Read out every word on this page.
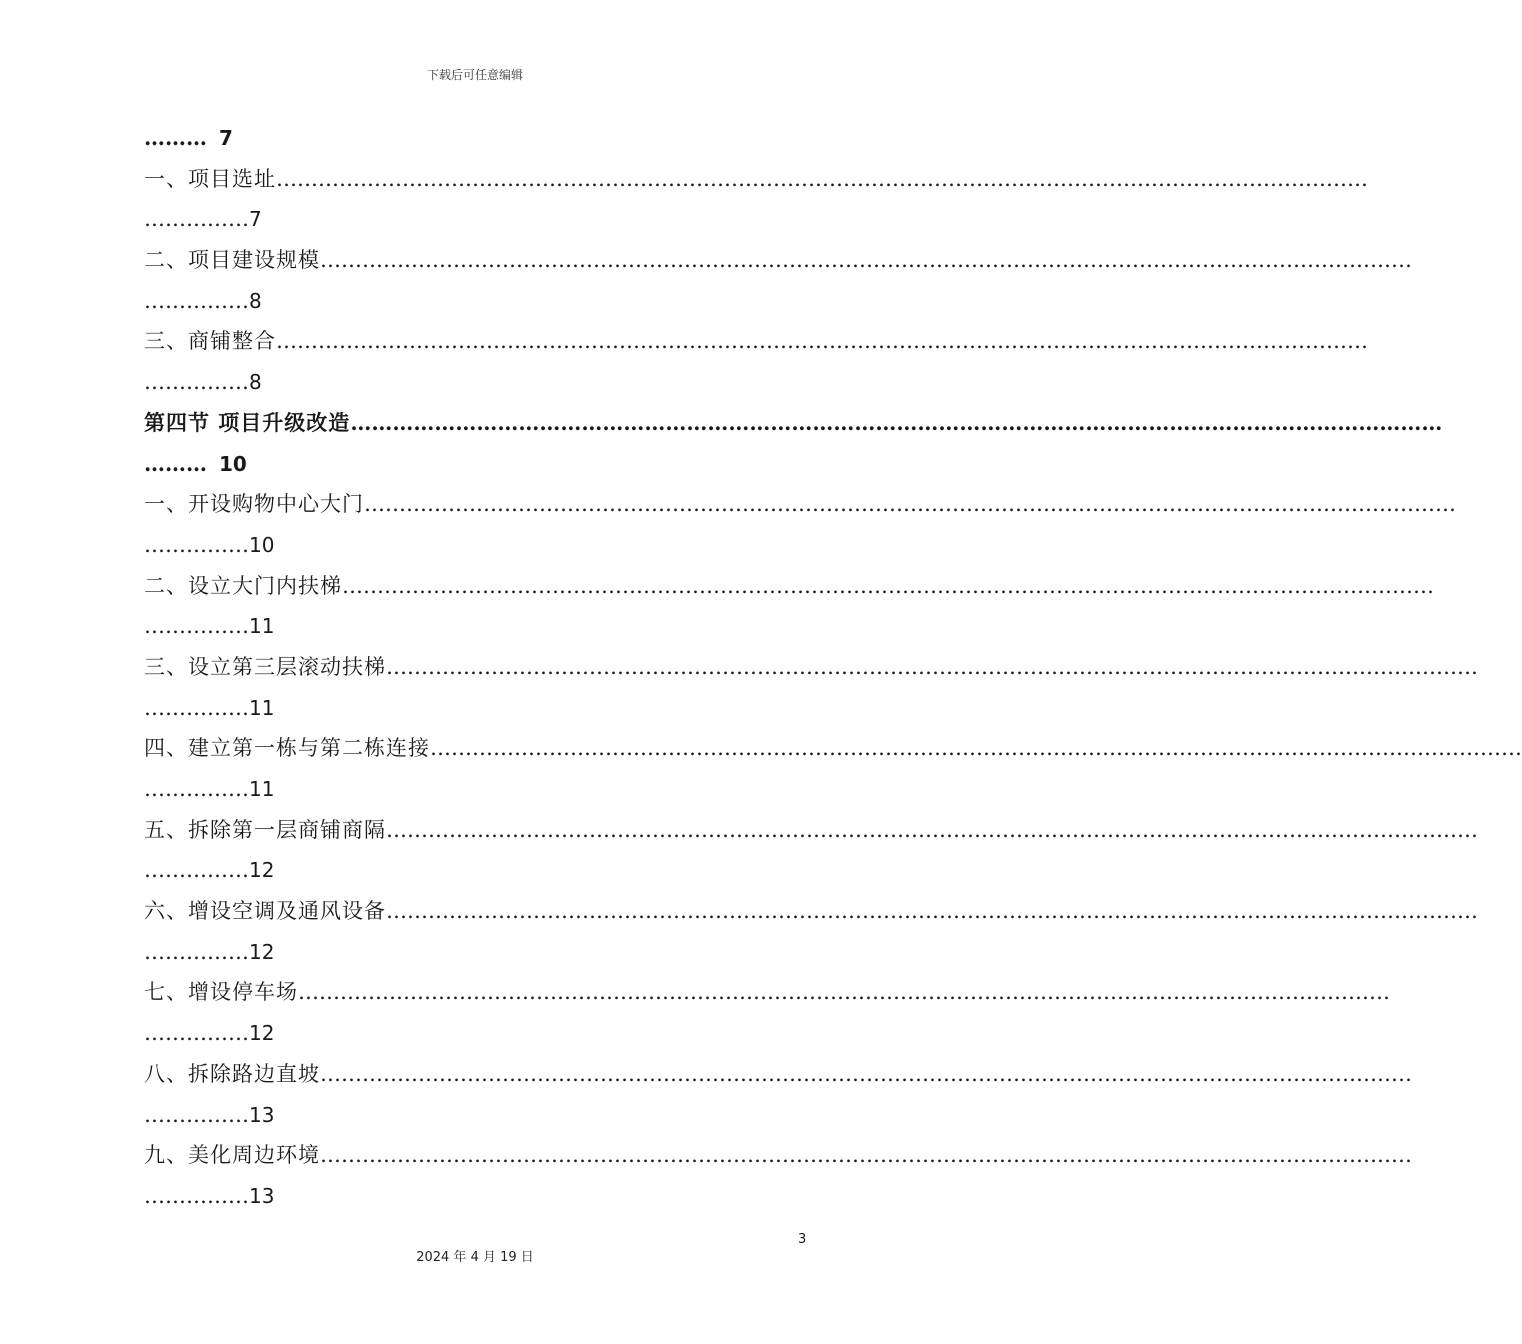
下载后可任意编辑
……… 7
一、项目选址 …………………………………………………………………………………………………………………………………………
…………… 7
二、项目建设规模 …………………………………………………………………………………………………………………………………………
…………… 8
三、商铺整合 …………………………………………………………………………………………………………………………………………
…………… 8
第四节 项目升级改造 …………………………………………………………………………………………………………………………………………
……… 10
一、开设购物中心大门 …………………………………………………………………………………………………………………………………………
…………… 10
二、设立大门内扶梯 …………………………………………………………………………………………………………………………………………
…………… 11
三、设立第三层滚动扶梯 …………………………………………………………………………………………………………………………………………
…………… 11
四、建立第一栋与第二栋连接 …………………………………………………………………………………………………………………………………………
…………… 11
五、拆除第一层商铺商隔 …………………………………………………………………………………………………………………………………………
…………… 12
六、增设空调及通风设备 …………………………………………………………………………………………………………………………………………
…………… 12
七、增设停车场 …………………………………………………………………………………………………………………………………………
…………… 12
八、拆除路边直坡 …………………………………………………………………………………………………………………………………………
…………… 13
九、美化周边环境 …………………………………………………………………………………………………………………………………………
…………… 13
3
2024 年 4 月 19 日
